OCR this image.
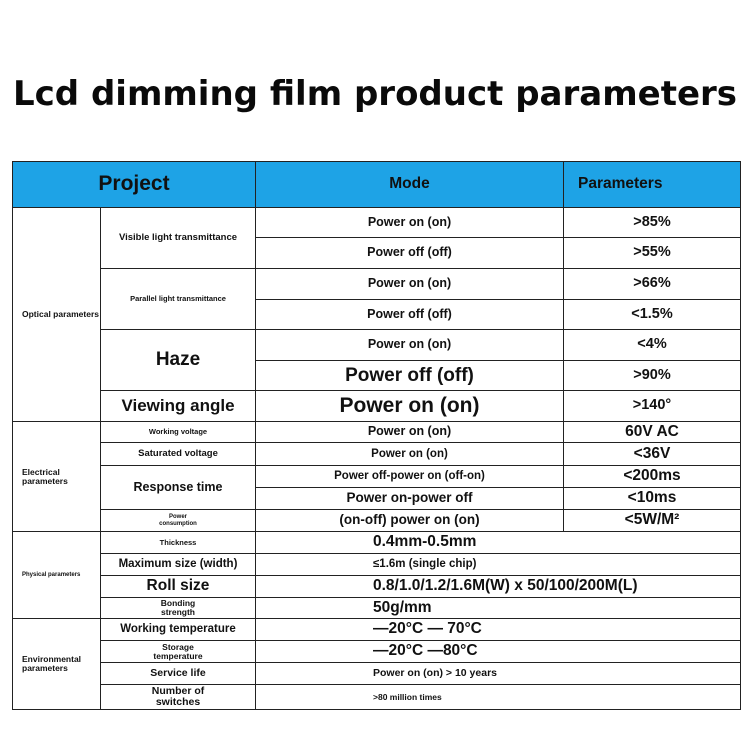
Lcd dimming film product parameters
Project	Mode	Parameters
Optical parameters
Visible light transmittance
Power on (on)	>85%
Power off (off)	>55%
Parallel light transmittance
Power on (on)	>66%
Power off (off)	<1.5%
Haze
Power on (on)	<4%
Power off (off)	>90%
Viewing angle	Power on (on)	>140°
Electrical parameters
Working voltage	Power on (on)	60V AC
Saturated voltage	Power on (on)	<36V
Response time
Power off-power on (off-on)	<200ms
Power on-power off	<10ms
Power consumption	(on-off) power on (on)	<5W/M²
Physical parameters
Thickness	0.4mm-0.5mm
Maximum size (width)	≤1.6m (single chip)
Roll size	0.8/1.0/1.2/1.6M(W) x 50/100/200M(L)
Bonding strength	50g/mm
Environmental parameters
Working temperature	—20°C — 70°C
Storage temperature	—20°C —80°C
Service life	Power on (on) > 10 years
Number of switches	>80 million times
